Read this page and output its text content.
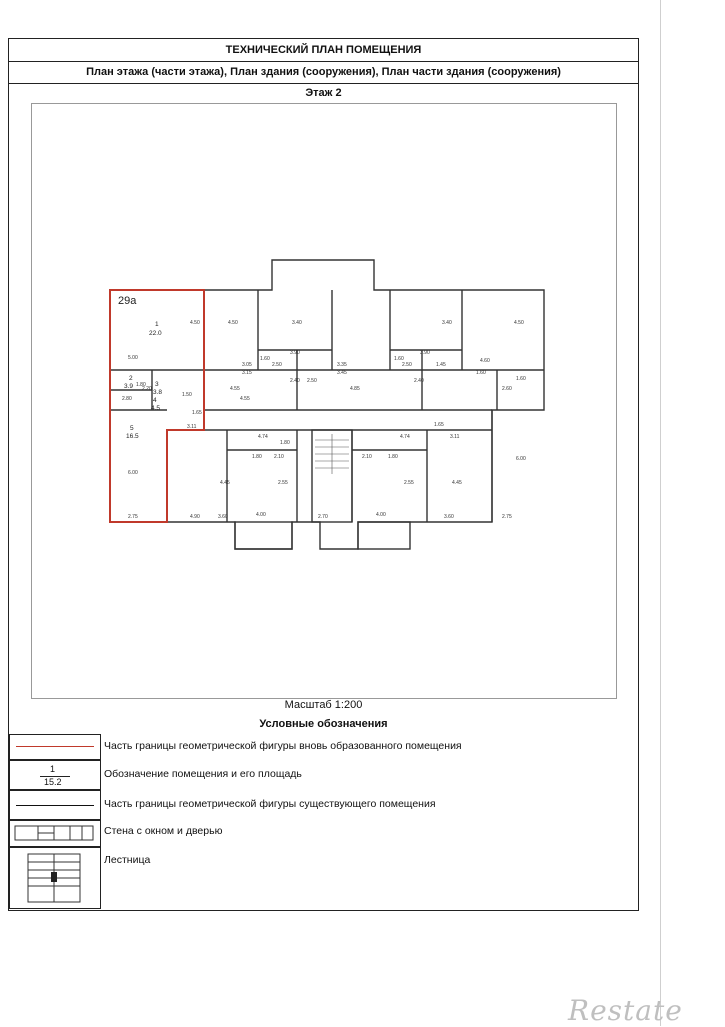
ТЕХНИЧЕСКИЙ ПЛАН ПОМЕЩЕНИЯ
План этажа (части этажа), План здания (сооружения), План части здания (сооружения)
Этаж 2
29a
1
22.0
2
3.9	3
3.8
4
4.5
5
16.5
5.00
4.50
2.80
1.80
2.20
1.50
3.11
1.65
6.00
2.75	4.90
3.05
3.15
1.60
3.90
2.50
4.50
2.40
3.40
4.55
3.35
3.45
2.50
4.85
1.60
3.90
2.50
2.40
1.45
3.40
4.60
1.60
1.60
2.60
4.50
4.74
1.80
1.80
2.10
4.45	2.55
4.00
3.60	2.70
4.74
2.10	1.80
2.55
4.00	3.60
4.45
2.75
6.00
3.11
1.65
4.55
Масштаб 1:200
Условные обозначения
Часть границы геометрической фигуры вновь образованного помещения
1
15.2
Обозначение помещения и его площадь
Часть границы геометрической фигуры существующего помещения
Стена с окном и дверью
Лестница
Restate
